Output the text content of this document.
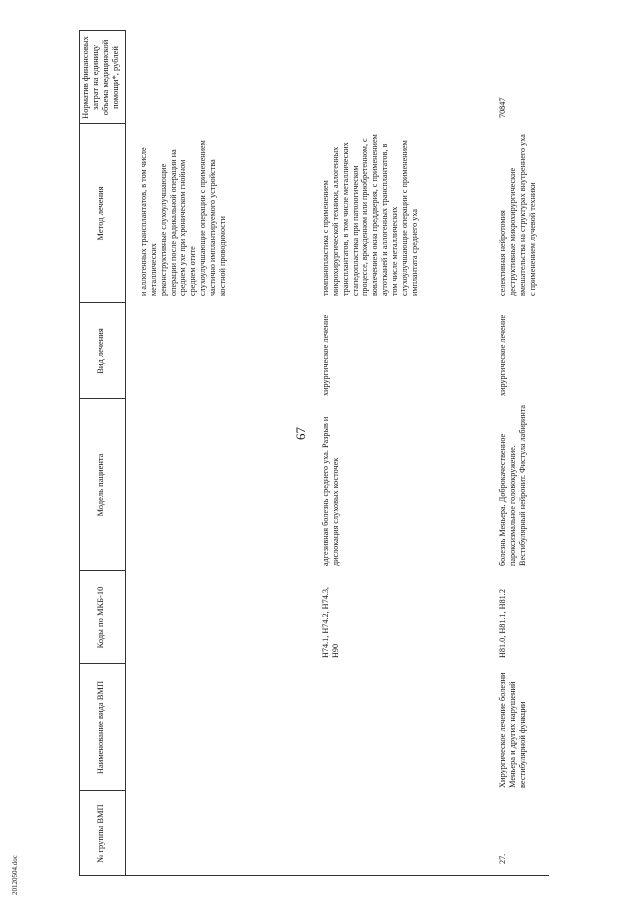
67
20120504.doc
№ группы ВМП
Наименование вида ВМП
Коды по МКБ-10
Модель пациента
Вид лечения
Метод лечения
Норматив финансовых затрат на единицу объема медицинской помощи*, рублей
и аллогенных трансплантатов, в том числе металлических реконструктивные слухоулучшающие операции после радикальной операции на среднем ухе при хроническом гнойном среднем отите слухоулучшающие операции с применением частично имплантируемого устройства костной проводимости
H74.1, H74.2, H74.3, H90
адгезивная болезнь среднего уха. Разрыв и дислокация слуховых косточек
хирургическое лечение
тимпанопластика с применением микрохирургической техники, аллогенных трансплантатов, в том числе металлических стапедопластика при патологическом процессе, врожденном или приобретенном, с вовлечением окна преддверия, с применением аутотканей и аллогенных трансплантатов, в том числе металлических слухоулучшающие операции с применением имплантата среднего уха
27.
Хирургическое лечение болезни Меньера и других нарушений вестибулярной функции
H81.0, H81.1, H81.2
болезнь Меньера. Доброкачественное пароксизмальное головокружение. Вестибулярный нейронит. Фистула лабиринта
хирургическое лечение
селективная нейротомия деструктивные микрохирургические вмешательства на структурах внутреннего уха с применением лучевой техники
70847
